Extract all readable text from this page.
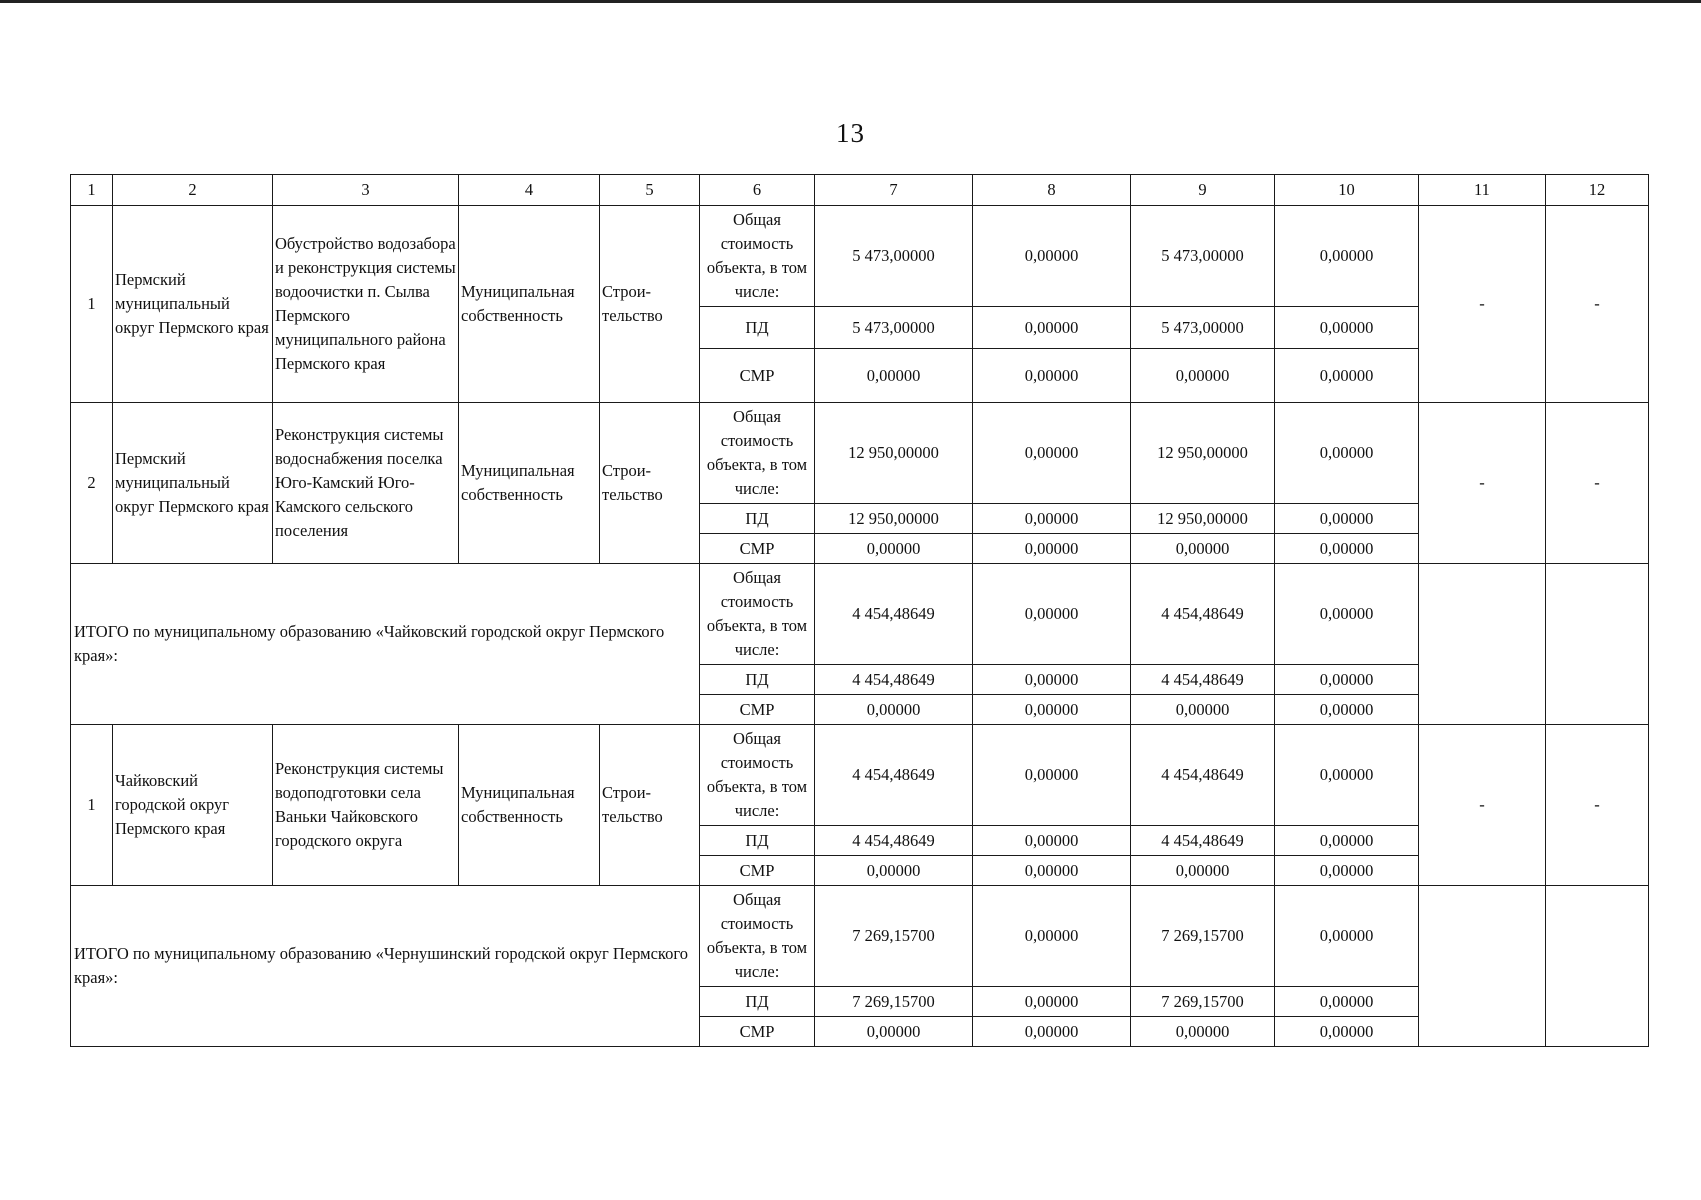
13
1	2	3	4	5	6	7	8	9	10	11	12
1	Пермский муниципальный округ Пермского края	Обустройство водозабора и реконструкция системы водоочистки п. Сылва Пермского муниципального района Пермского края	Муниципальная собственность	Строи-тельство	Общая стоимость объекта, в том числе:	5 473,00000	0,00000	5 473,00000	0,00000	-	-
					ПД	5 473,00000	0,00000	5 473,00000	0,00000		
					СМР	0,00000	0,00000	0,00000	0,00000		
2	Пермский муниципальный округ Пермского края	Реконструкция системы водоснабжения поселка Юго-Камский Юго-Камского сельского поселения	Муниципальная собственность	Строи-тельство	Общая стоимость объекта, в том числе:	12 950,00000	0,00000	12 950,00000	0,00000	-	-
					ПД	12 950,00000	0,00000	12 950,00000	0,00000		
					СМР	0,00000	0,00000	0,00000	0,00000		
ИТОГО по муниципальному образованию «Чайковский городской округ Пермского края»:					Общая стоимость объекта, в том числе:	4 454,48649	0,00000	4 454,48649	0,00000		
					ПД	4 454,48649	0,00000	4 454,48649	0,00000		
					СМР	0,00000	0,00000	0,00000	0,00000		
1	Чайковский городской округ Пермского края	Реконструкция системы водоподготовки села Ваньки Чайковского городского округа	Муниципальная собственность	Строи-тельство	Общая стоимость объекта, в том числе:	4 454,48649	0,00000	4 454,48649	0,00000	-	-
					ПД	4 454,48649	0,00000	4 454,48649	0,00000		
					СМР	0,00000	0,00000	0,00000	0,00000		
ИТОГО по муниципальному образованию «Чернушинский городской округ Пермского края»:					Общая стоимость объекта, в том числе:	7 269,15700	0,00000	7 269,15700	0,00000		
					ПД	7 269,15700	0,00000	7 269,15700	0,00000		
					СМР	0,00000	0,00000	0,00000	0,00000		
